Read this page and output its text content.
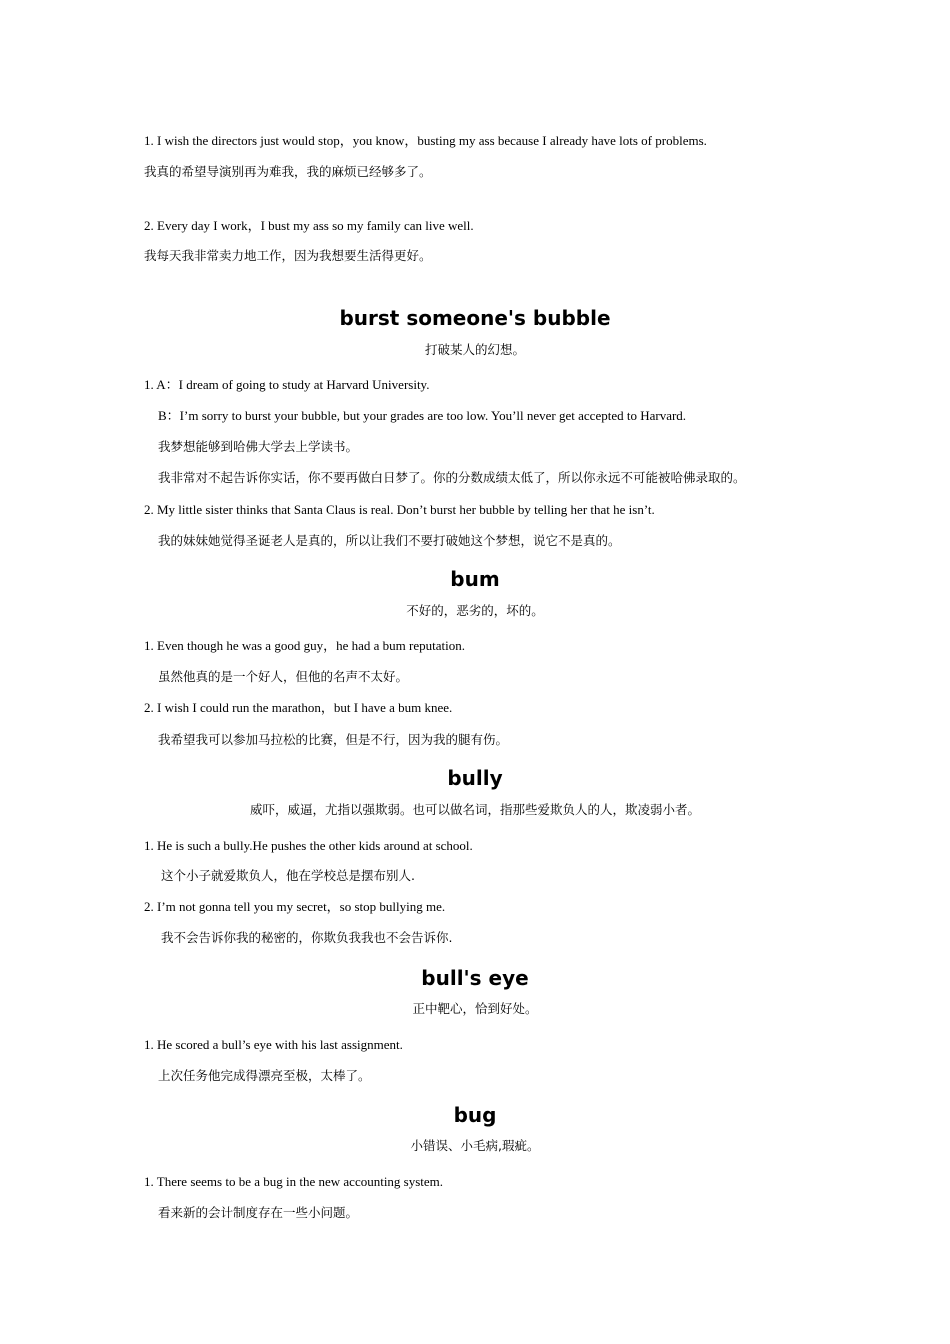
1. I wish the directors just would stop，you know，busting my ass because I already have lots of problems.
我真的希望导演别再为难我，我的麻烦已经够多了。
2. Every day I work，I bust my ass so my family can live well.
我每天我非常卖力地工作，因为我想要生活得更好。
burst someone's bubble
打破某人的幻想。
1. A：I dream of going to study at Harvard University.
B：I’m sorry to burst your bubble, but your grades are too low. You’ll never get accepted to Harvard.
我梦想能够到哈佛大学去上学读书。
我非常对不起告诉你实话，你不要再做白日梦了。你的分数成绩太低了，所以你永远不可能被哈佛录取的。
2. My little sister thinks that Santa Claus is real. Don’t burst her bubble by telling her that he isn’t.
我的妹妹她觉得圣诞老人是真的，所以让我们不要打破她这个梦想，说它不是真的。
bum
不好的，恶劣的，坏的。
1. Even though he was a good guy，he had a bum reputation.
虽然他真的是一个好人，但他的名声不太好。
2. I wish I could run the marathon，but I have a bum knee.
我希望我可以参加马拉松的比赛，但是不行，因为我的腿有伤。
bully
威吓，威逼，尤指以强欺弱。也可以做名词，指那些爱欺负人的人，欺凌弱小者。
1. He is such a bully.He pushes the other kids around at school.
这个小子就爱欺负人，他在学校总是摆布别人.
2. I’m not gonna tell you my secret，so stop bullying me.
我不会告诉你我的秘密的，你欺负我我也不会告诉你.
bull's eye
正中靶心，恰到好处。
1. He scored a bull’s eye with his last assignment.
上次任务他完成得漂亮至极，太棒了。
bug
小错误、小毛病,瑕疵。
1. There seems to be a bug in the new accounting system.
看来新的会计制度存在一些小问题。
